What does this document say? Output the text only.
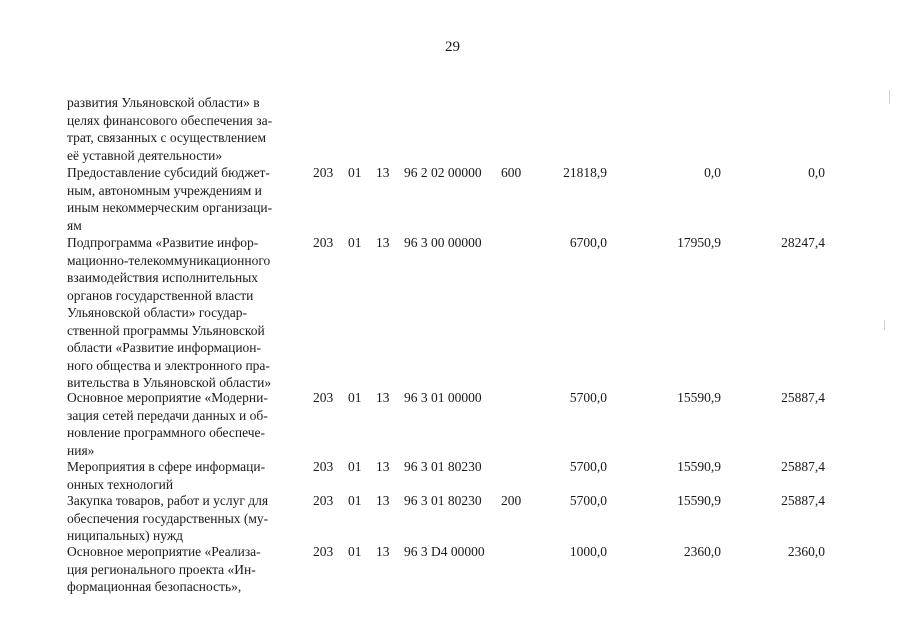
29
развития Ульяновской области» в
целях финансового обеспечения за-
трат, связанных с осуществлением
eё уставной деятельности»
Предоставление субсидий бюджет-
ным, автономным учреждениям и
иным некоммерческим организаци-
ям
203 01 13 96 2 02 00000 600	21818,9	0,0	0,0
Подпрограмма «Развитие инфор-
мационно-телекоммуникационного
взаимодействия исполнительных
органов государственной власти
Ульяновской области» государ-
ственной программы Ульяновской
области «Развитие информацион-
ного общества и электронного пра-
вительства в Ульяновской области»
203 01 13 96 3 00 00000	6700,0	17950,9	28247,4
Основное мероприятие «Модерни-
зация сетей передачи данных и об-
новление программного обеспече-
ния»
203 01 13 96 3 01 00000	5700,0	15590,9	25887,4
Мероприятия в сфере информаци-
онных технологий
203 01 13 96 3 01 80230	5700,0	15590,9	25887,4
Закупка товаров, работ и услуг для
обеспечения государственных (му-
ниципальных) нужд
203 01 13 96 3 01 80230 200	5700,0	15590,9	25887,4
Основное мероприятие «Реализа-
ция регионального проекта «Ин-
формационная безопасность»,
203 01 13 96 3 D4 00000	1000,0	2360,0	2360,0
